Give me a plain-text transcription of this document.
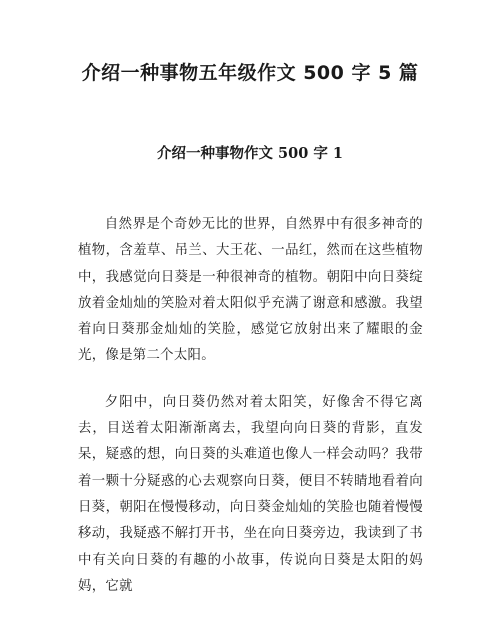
介绍一种事物五年级作文 500 字 5 篇
介绍一种事物作文 500 字 1

自然界是个奇妙无比的世界，自然界中有很多神奇的植物，含羞草、吊兰、大王花、一品红，然而在这些植物中，我感觉向日葵是一种很神奇的植物。朝阳中向日葵绽放着金灿灿的笑脸对着太阳似乎充满了谢意和感激。我望着向日葵那金灿灿的笑脸，感觉它放射出来了耀眼的金光，像是第二个太阳。

夕阳中，向日葵仍然对着太阳笑，好像舍不得它离去，目送着太阳渐渐离去，我望向向日葵的背影，直发呆，疑惑的想，向日葵的头难道也像人一样会动吗？我带着一颗十分疑惑的心去观察向日葵，便目不转睛地看着向日葵，朝阳在慢慢移动，向日葵金灿灿的笑脸也随着慢慢移动，我疑惑不解打开书，坐在向日葵旁边，我读到了书中有关向日葵的有趣的小故事，传说向日葵是太阳的妈妈，它就
